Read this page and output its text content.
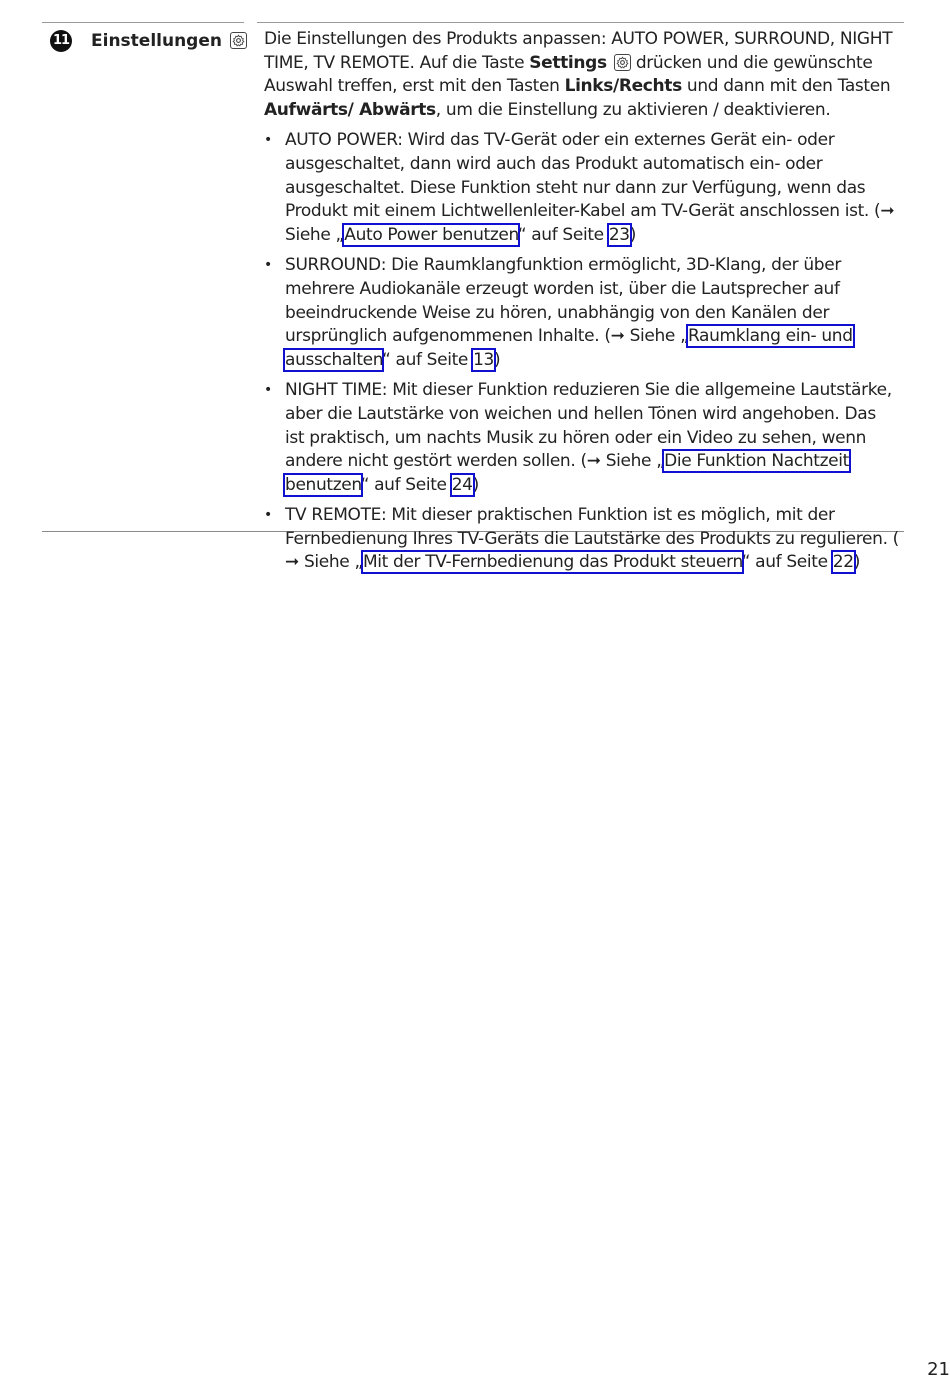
11 Einstellungen	Die Einstellungen des Produkts anpassen: AUTO POWER, SURROUND, NIGHT TIME, TV REMOTE. Auf die Taste Settings
drücken und die gewünschte Auswahl treffen, erst mit den Tasten Links/Rechts und dann mit den Tasten Aufwärts/ Abwärts, um die Einstellung zu aktivieren / deaktivieren.

• AUTO POWER: Wird das TV-Gerät oder ein externes Gerät ein- oder ausgeschaltet, dann wird auch das Produkt automatisch ein- oder ausgeschaltet. Diese Funktion steht nur dann zur Verfügung, wenn das Produkt mit einem Lichtwellenleiter-Kabel am TV-Gerät anschlossen ist. (➞ Siehe „Auto Power benutzen“ auf Seite 23)
• SURROUND: Die Raumklangfunktion ermöglicht, 3D-Klang, der über mehrere Audiokanäle erzeugt worden ist, über die Lautsprecher auf beeindruckende Weise zu hören, unabhängig von den Kanälen der ursprünglich aufgenommenen Inhalte. (➞ Siehe „Raumklang ein- und ausschalten“ auf Seite 13)
• NIGHT TIME: Mit dieser Funktion reduzieren Sie die allgemeine Lautstärke, aber die Lautstärke von weichen und hellen Tönen wird angehoben. Das ist praktisch, um nachts Musik zu hören oder ein Video zu sehen, wenn andere nicht gestört werden sollen. (➞ Siehe „Die Funktion Nachtzeit benutzen“ auf Seite 24)
• TV REMOTE: Mit dieser praktischen Funktion ist es möglich, mit der Fernbedienung Ihres TV-Geräts die Lautstärke des Produkts zu regulieren. (➞ Siehe „Mit der TV-Fernbedienung das Produkt steuern“ auf Seite 22)
21
